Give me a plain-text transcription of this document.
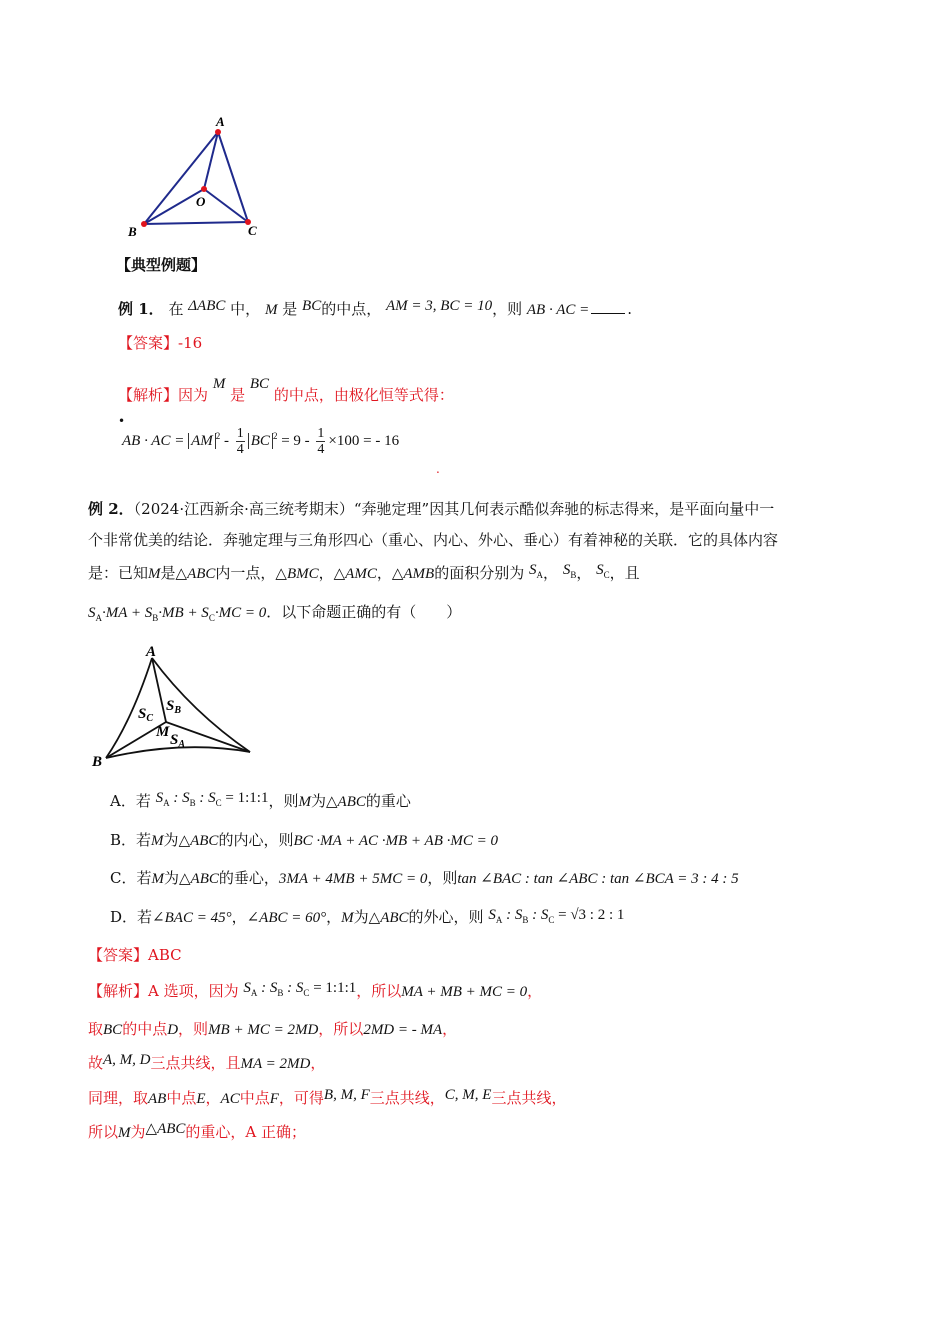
A
B	C
O
【典型例题】
例 1． 在 ΔABC 中， M 是 BC的中点， AM = 3, BC = 10，则 AB · AC =	.
【答案】-16
【解析】因为 M 是 BC 的中点，由极化恒等式得：
•
AB · AC = AM $^2 - \frac{1}{4}$ BC $^2 = 9 - \frac{1}{4} \times 100$ = - 16
.
例 2．（2024·江西新余·高三统考期末）“奔驰定理”因其几何表示酷似奔驰的标志得来，是平面向量中一
个非常优美的结论．奔驰定理与三角形四心（重心、内心、外心、垂心）有着神秘的关联．它的具体内容
是：已知M是△ABC内一点，△BMC，△AMC，△AMB的面积分别为 $S_A$， $S_B$， $S_C$，且
$S_A\cdot MA + S_B\cdot MB + S_C\cdot MC = 0$．以下命题正确的有（　　）
A
B
M
$S_C$
$S_B$
$S_A$
A．若 $S_A$ : $S_B$ : $S_C$ = 1:1:1，则M为△ABC的重心
B．若M为△ABC的内心，则BC ·MA + AC ·MB + AB ·MC = 0
C．若M为△ABC的垂心，3MA + 4MB + 5MC = 0，则tan ∠BAC : tan ∠ABC : tan ∠BCA = 3 : 4 : 5
D．若∠BAC = 45°，∠ABC = 60°，M为△ABC的外心，则 $S_A$ : $S_B$ : $S_C = √3$ : 2 : 1
【答案】ABC
【解析】A 选项，因为 $S_A$ : $S_B$ : $S_C$ = 1:1:1，所以MA + MB + MC = 0，
取BC的中点D，则MB + MC = 2MD，所以2MD = - MA，
故A, M, D三点共线，且MA = 2MD，
同理，取AB中点E，AC中点F，可得B, M, F三点共线，C, M, E三点共线，
所以M为△ABC的重心，A 正确；
